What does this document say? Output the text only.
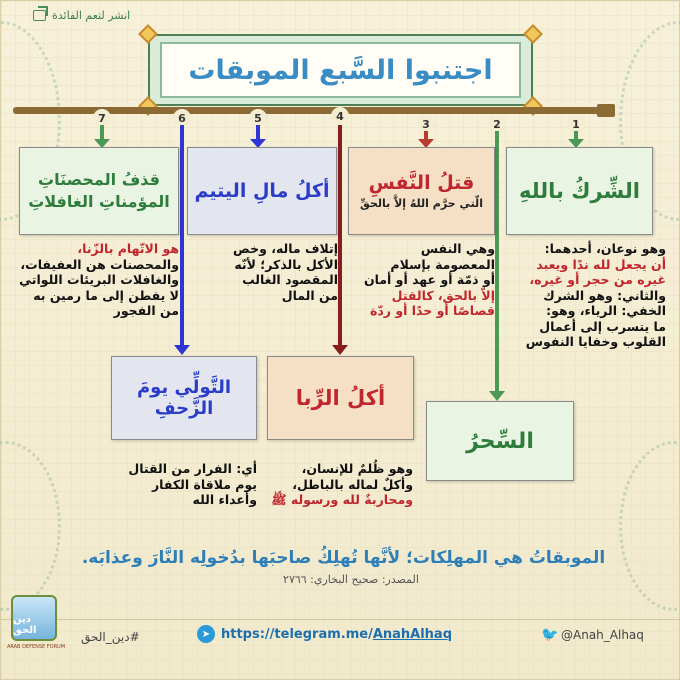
انشر لتعم الفائدة
اجتنبوا السَّبع الموبقات
1
2
3
4
5
6
7
الشِّركُ باللهِ
قتلُ النَّفسِ
الّتي حرَّم اللهُ إلاَّ بالحقِّ
أكلُ مالِ اليتيم
قذفُ المحصنَاتِ المؤمناتِ الغافلاتِ
السِّحرُ
أكلُ الرِّبا
التَّولِّي يومَ الزَّحفِ
وهو نوعان، أحدهما:
أن يجعل لله ندًا ويعبد
غيره من حجر أو غيره،
والثاني: وهو الشرك
الخفي: الرياء، وهو:
ما يتسرب إلى أعمال
القلوب وخفايا النفوس
وهي النفس
المعصومة بإسلام
أو ذمّة أو عهد أو أمان
إلاّ بالحق، كالقتل
قصاصًا أو حدًا أو ردّة
إتلاف ماله، وخص
الأكل بالذكر؛ لأنّه
المقصود الغالب
من المال
هو الاتّهام بالزّنا،
والمحصنات هن العفيفات،
والغافلات البريئات اللواتي
لا يفطن إلى ما رمين به
من الفجور
وهو ظُلمٌ للإنسان،
وأكلٌ لماله بالباطل،
ومحاربةٌ لله ورسوله ﷺ
أي: الفرار من القتال
يوم ملاقاة الكفار
وأعداء الله
الموبقاتُ هي المهلِكات؛ لأنَّها تُهلِكُ صاحبَها بدُخولِه النَّارَ وعذابَه.
المصدر: صحيح البخاري: ٢٧٦٦
دين الحق
ARAB DEFENSE FORUM
#دين_الحق	➤ https://telegram.me/AnahAlhaq	🐦 @Anah_Alhaq
